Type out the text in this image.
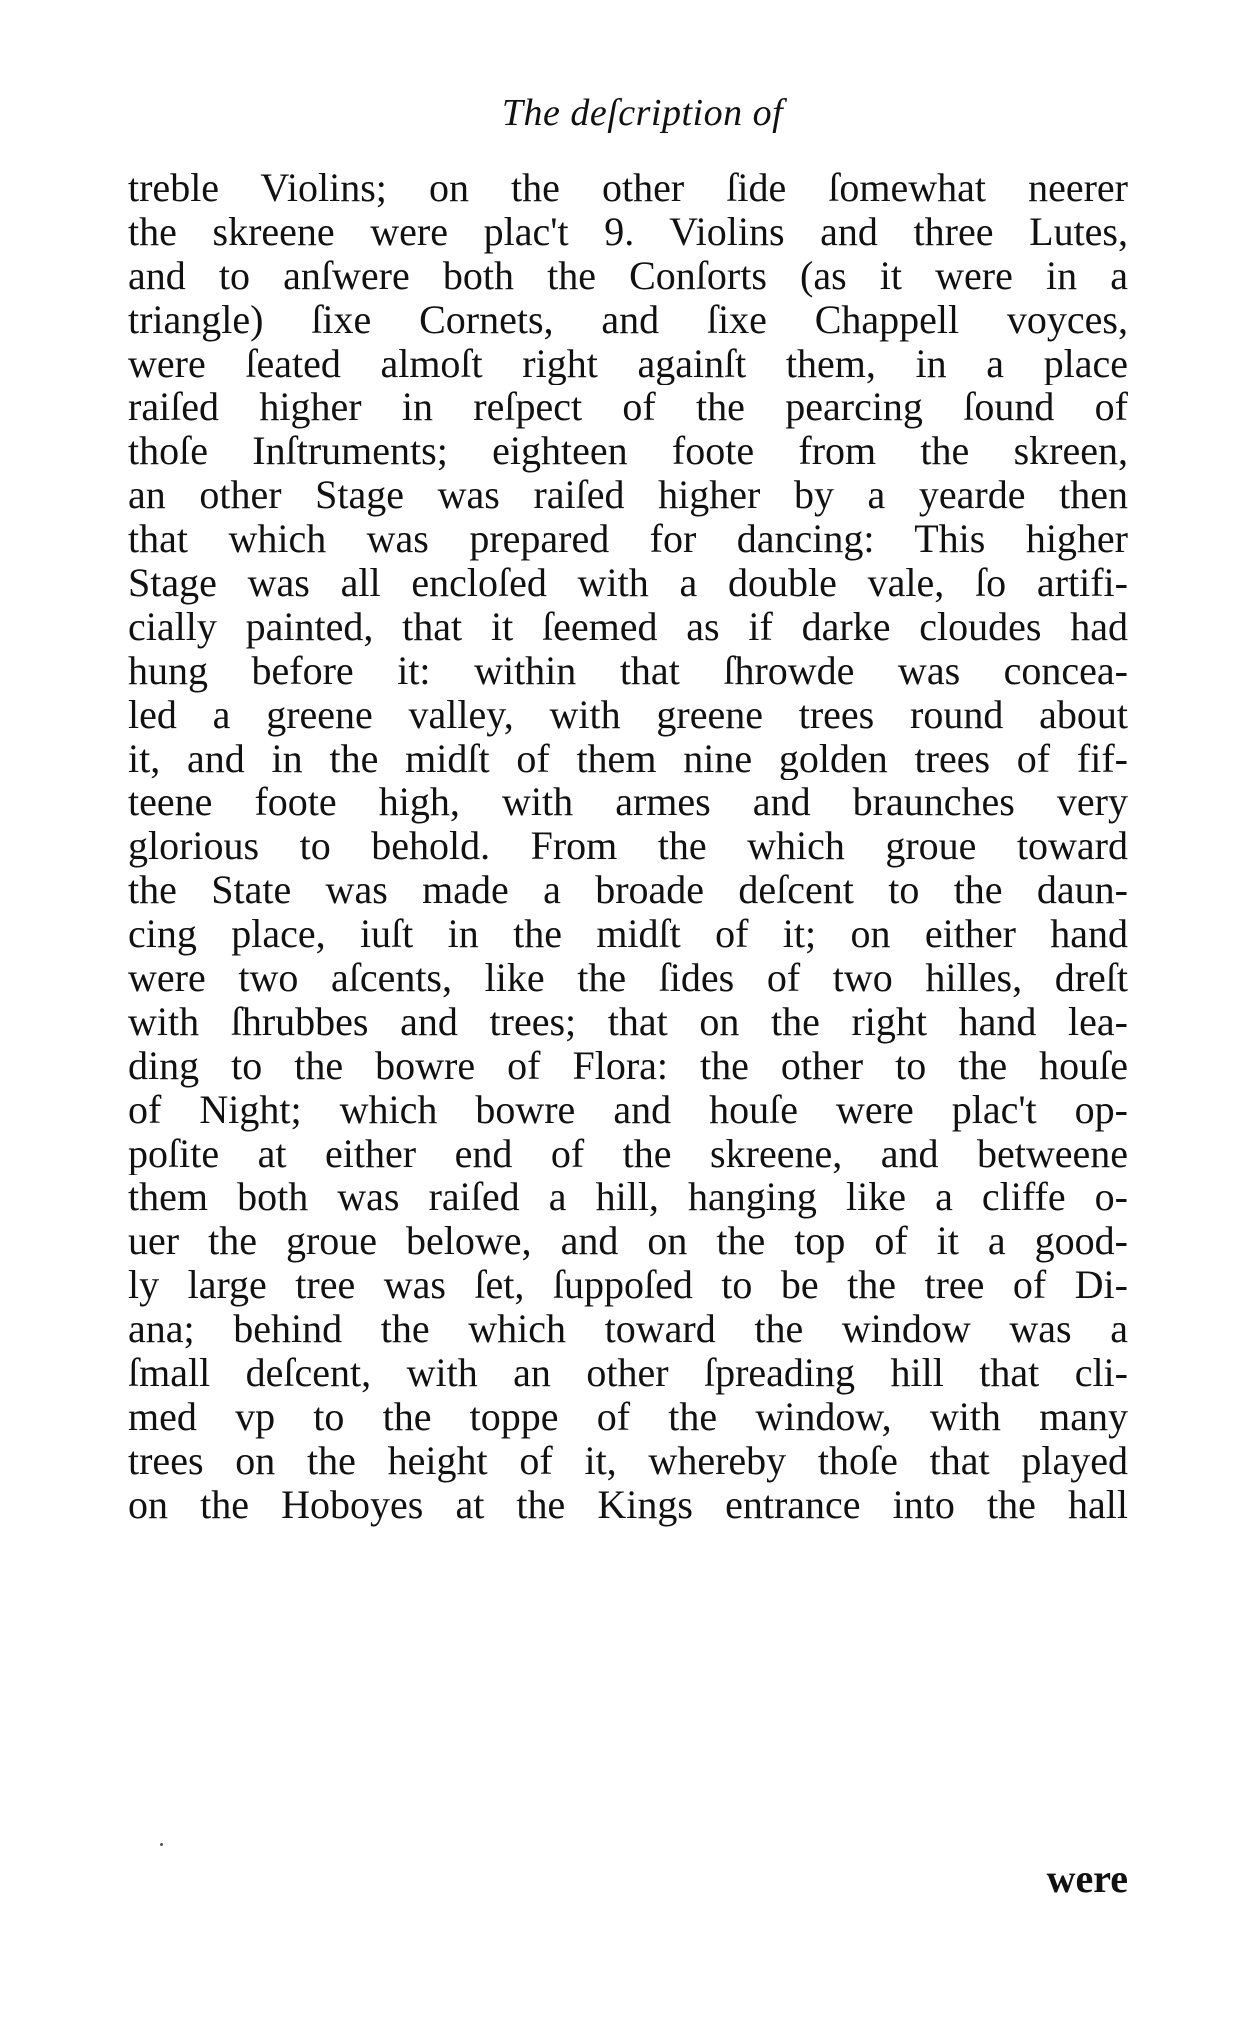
The deſcription of
treble Violins; on the other ſide ſomewhat neerer
the skreene were plac't 9. Violins and three Lutes,
and to anſwere both the Conſorts (as it were in a
triangle) ſixe Cornets, and ſixe Chappell voyces,
were ſeated almoſt right againſt them, in a place
raiſed higher in reſpect of the pearcing ſound of
thoſe Inſtruments; eighteen foote from the skreen,
an other Stage was raiſed higher by a yearde then
that which was prepared for dancing: This higher
Stage was all encloſed with a double vale, ſo artifi-
cially painted, that it ſeemed as if darke cloudes had
hung before it: within that ſhrowde was concea-
led a greene valley, with greene trees round about
it, and in the midſt of them nine golden trees of fif-
teene foote high, with armes and braunches very
glorious to behold. From the which groue toward
the State was made a broade deſcent to the daun-
cing place, iuſt in the midſt of it; on either hand
were two aſcents, like the ſides of two hilles, dreſt
with ſhrubbes and trees; that on the right hand lea-
ding to the bowre of Flora: the other to the houſe
of Night; which bowre and houſe were plac't op-
poſite at either end of the skreene, and betweene
them both was raiſed a hill, hanging like a cliffe o-
uer the groue belowe, and on the top of it a good-
ly large tree was ſet, ſuppoſed to be the tree of Di-
ana; behind the which toward the window was a
ſmall deſcent, with an other ſpreading hill that cli-
med vp to the toppe of the window, with many
trees on the height of it, whereby thoſe that played
on the Hoboyes at the Kings entrance into the hall
were
